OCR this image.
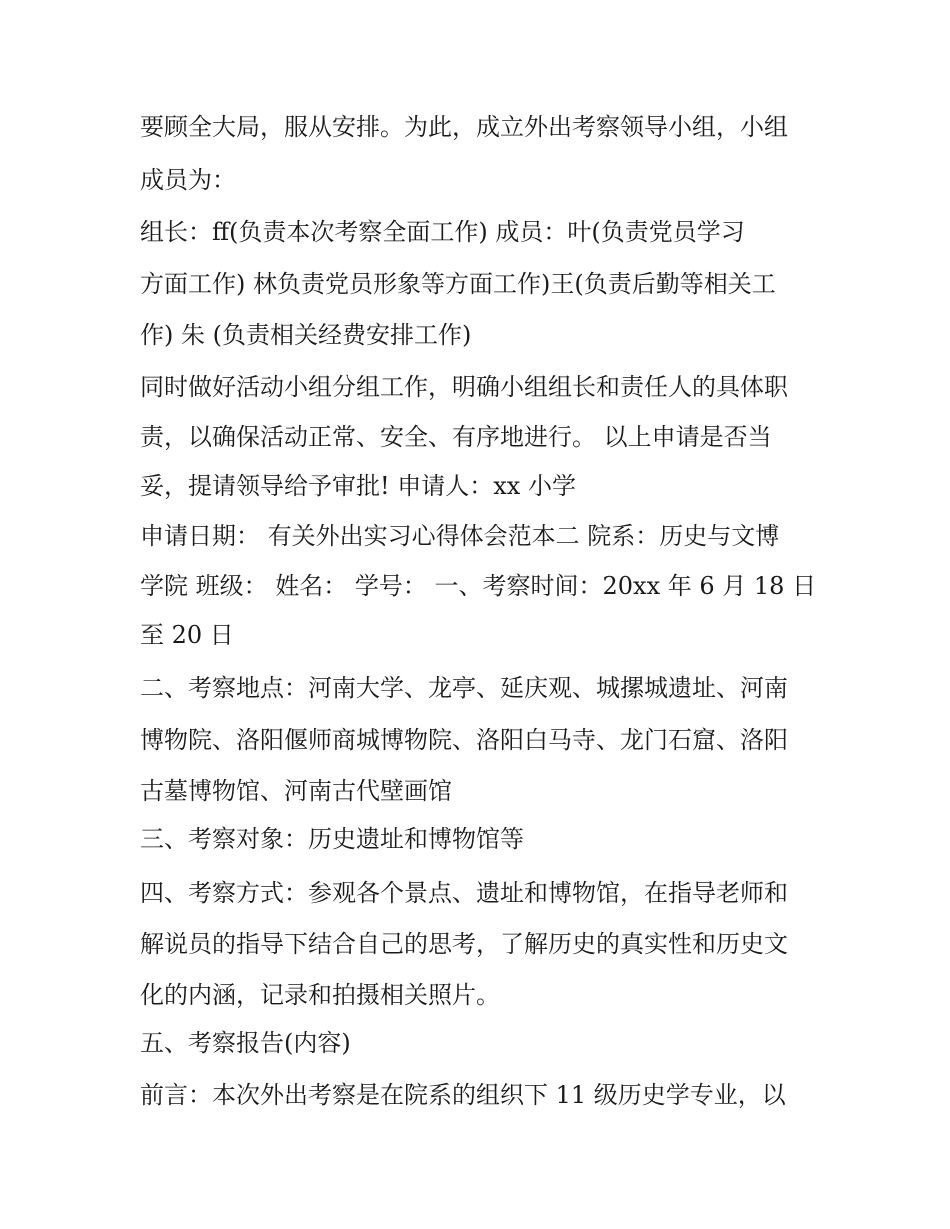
要顾全大局，服从安排。为此，成立外出考察领导小组，小组
成员为：
组长：ff(负责本次考察全面工作) 成员：叶(负责党员学习
方面工作) 林负责党员形象等方面工作)王(负责后勤等相关工
作) 朱 (负责相关经费安排工作)
同时做好活动小组分组工作，明确小组组长和责任人的具体职
责，以确保活动正常、安全、有序地进行。 以上申请是否当
妥，提请领导给予审批! 申请人：xx 小学
申请日期： 有关外出实习心得体会范本二 院系：历史与文博
学院 班级： 姓名： 学号： 一、考察时间：20xx 年 6 月 18 日
至 20 日
二、考察地点：河南大学、龙亭、延庆观、城摞城遗址、河南
博物院、洛阳偃师商城博物院、洛阳白马寺、龙门石窟、洛阳
古墓博物馆、河南古代壁画馆
三、考察对象：历史遗址和博物馆等
四、考察方式：参观各个景点、遗址和博物馆，在指导老师和
解说员的指导下结合自己的思考，了解历史的真实性和历史文
化的内涵，记录和拍摄相关照片。
五、考察报告(内容)
前言：本次外出考察是在院系的组织下 11 级历史学专业，以
